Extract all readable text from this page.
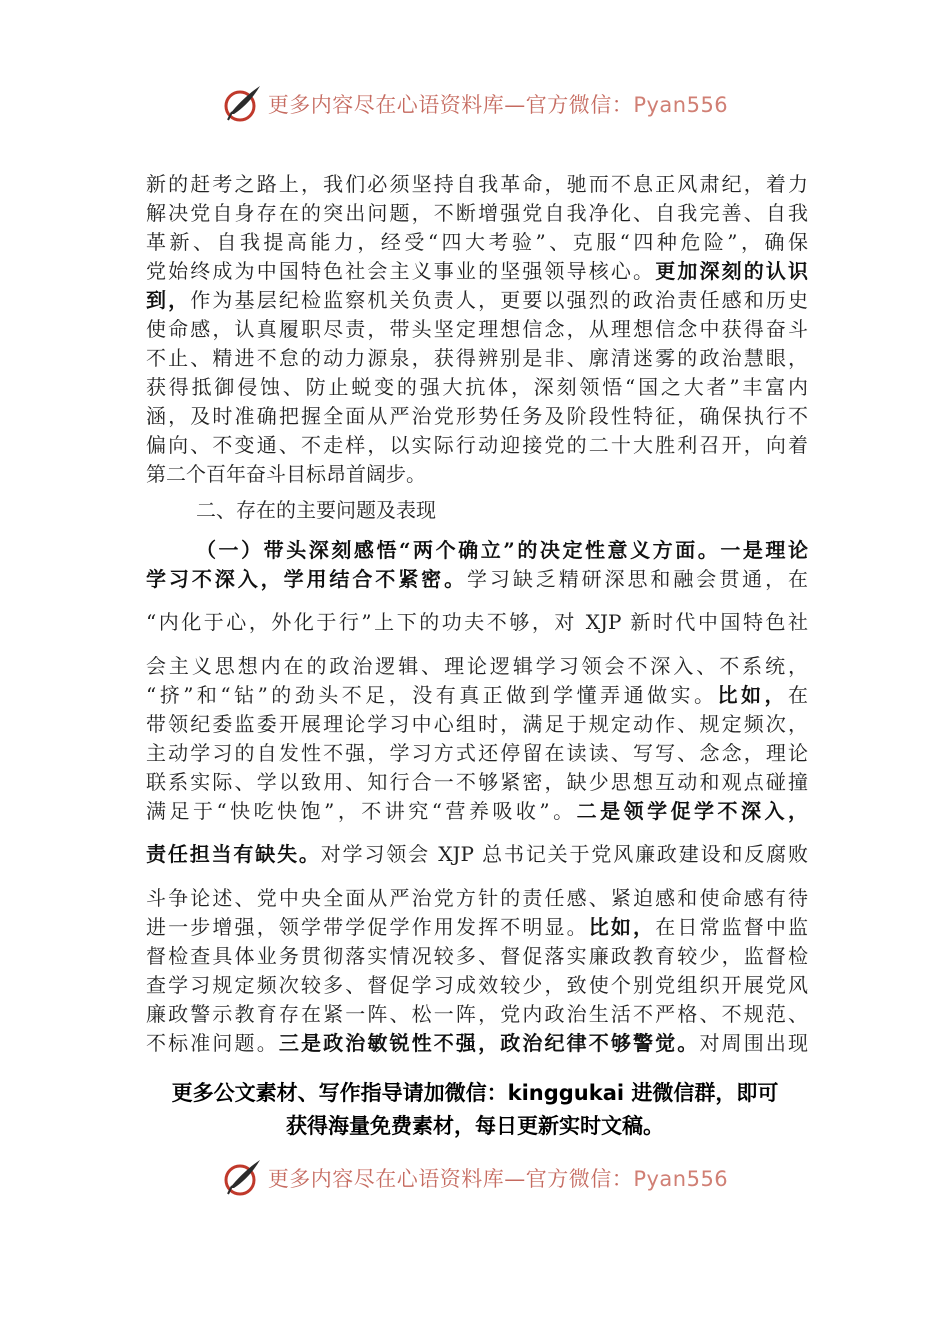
更多内容尽在心语资料库—官方微信：Pyan556
新的赶考之路上，我们必须坚持自我革命，驰而不息正风肃纪，着力
解决党自身存在的突出问题，不断增强党自我净化、自我完善、自我
革新、自我提高能力，经受“四大考验”、克服“四种危险”，确保
党始终成为中国特色社会主义事业的坚强领导核心。更加深刻的认识
到，作为基层纪检监察机关负责人，更要以强烈的政治责任感和历史
使命感，认真履职尽责，带头坚定理想信念，从理想信念中获得奋斗
不止、精进不怠的动力源泉，获得辨别是非、廓清迷雾的政治慧眼，
获得抵御侵蚀、防止蜕变的强大抗体，深刻领悟“国之大者”丰富内
涵，及时准确把握全面从严治党形势任务及阶段性特征，确保执行不
偏向、不变通、不走样，以实际行动迎接党的二十大胜利召开，向着
第二个百年奋斗目标昂首阔步。
二、存在的主要问题及表现
（一）带头深刻感悟“两个确立”的决定性意义方面。一是理论
学习不深入，学用结合不紧密。学习缺乏精研深思和融会贯通，在
“内化于心，外化于行”上下的功夫不够，对 XJP 新时代中国特色社
会主义思想内在的政治逻辑、理论逻辑学习领会不深入、不系统，
“挤”和“钻”的劲头不足，没有真正做到学懂弄通做实。比如，在
带领纪委监委开展理论学习中心组时，满足于规定动作、规定频次，
主动学习的自发性不强，学习方式还停留在读读、写写、念念，理论
联系实际、学以致用、知行合一不够紧密，缺少思想互动和观点碰撞
满足于“快吃快饱”，不讲究“营养吸收”。二是领学促学不深入，
责任担当有缺失。对学习领会 XJP 总书记关于党风廉政建设和反腐败
斗争论述、党中央全面从严治党方针的责任感、紧迫感和使命感有待
进一步增强，领学带学促学作用发挥不明显。比如，在日常监督中监
督检查具体业务贯彻落实情况较多、督促落实廉政教育较少，监督检
查学习规定频次较多、督促学习成效较少，致使个别党组织开展党风
廉政警示教育存在紧一阵、松一阵，党内政治生活不严格、不规范、
不标准问题。三是政治敏锐性不强，政治纪律不够警觉。对周围出现
更多公文素材、写作指导请加微信：kinggukai 进微信群，即可
获得海量免费素材，每日更新实时文稿。
更多内容尽在心语资料库—官方微信：Pyan556
